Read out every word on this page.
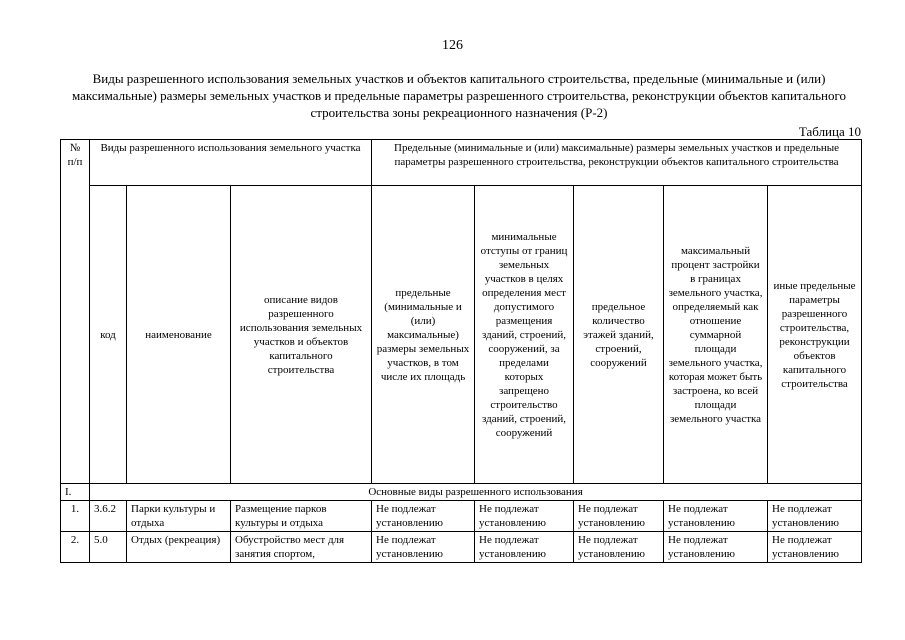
126

Виды разрешенного использования земельных участков и объектов капитального строительства, предельные (минимальные и (или) максимальные) размеры земельных участков и предельные параметры разрешенного строительства, реконструкции объектов капитального строительства зоны рекреационного назначения (Р-2)

Таблица 10
№ п/п	Виды разрешенного использования земельного участка			Предельные (минимальные и (или) максимальные) размеры земельных участков и предельные параметры разрешенного строительства, реконструкции объектов капитального строительства				
	код	наименование	описание видов разрешенного использования земельных участков и объектов капитального строительства	предельные (минимальные и (или) максимальные) размеры земельных участков, в том числе их площадь	минимальные отступы от границ земельных участков в целях определения мест допустимого размещения зданий, строений, сооружений, за пределами которых запрещено строительство зданий, строений, сооружений	предельное количество этажей зданий, строений, сооружений	максимальный процент застройки в границах земельного участка, определяемый как отношение суммарной площади земельного участка, которая может быть застроена, ко всей площади земельного участка	иные предельные параметры разрешенного строительства, реконструкции объектов капитального строительства
I.	Основные виды разрешенного использования							
1.	3.6.2	Парки культуры и отдыха	Размещение парков культуры и отдыха	Не подлежат установлению	Не подлежат установлению	Не подлежат установлению	Не подлежат установлению	Не подлежат установлению
2.	5.0	Отдых (рекреация)	Обустройство мест для занятия спортом,	Не подлежат установлению	Не подлежат установлению	Не подлежат установлению	Не подлежат установлению	Не подлежат установлению
